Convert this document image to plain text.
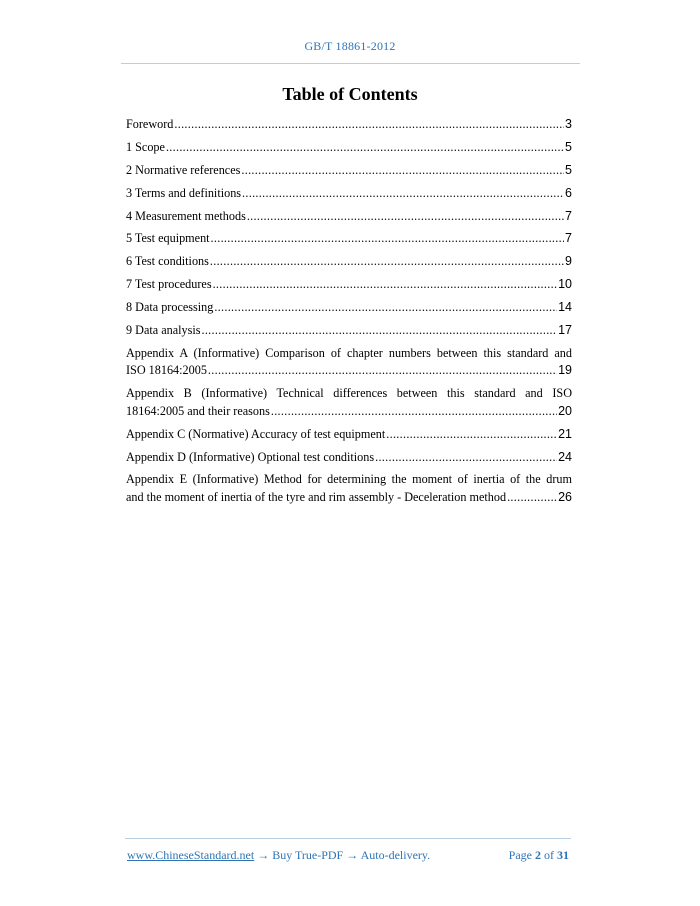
GB/T 18861-2012
Table of Contents
Foreword .....	3
1 Scope .....	5
2 Normative references .....	5
3 Terms and definitions .....	6
4 Measurement methods .....	7
5 Test equipment .....	7
6 Test conditions .....	9
7 Test procedures .....	10
8 Data processing .....	14
9 Data analysis .....	17
Appendix A (Informative) Comparison of chapter numbers between this standard and
ISO 18164:2005 .....	19
Appendix B (Informative) Technical differences between this standard and ISO
18164:2005 and their reasons .....	20
Appendix C (Normative) Accuracy of test equipment .....	21
Appendix D (Informative) Optional test conditions .....	24
Appendix E (Informative) Method for determining the moment of inertia of the drum
and the moment of inertia of the tyre and rim assembly - Deceleration method .....	26
www.ChineseStandard.net → Buy True-PDF → Auto-delivery.	Page 2 of 31
